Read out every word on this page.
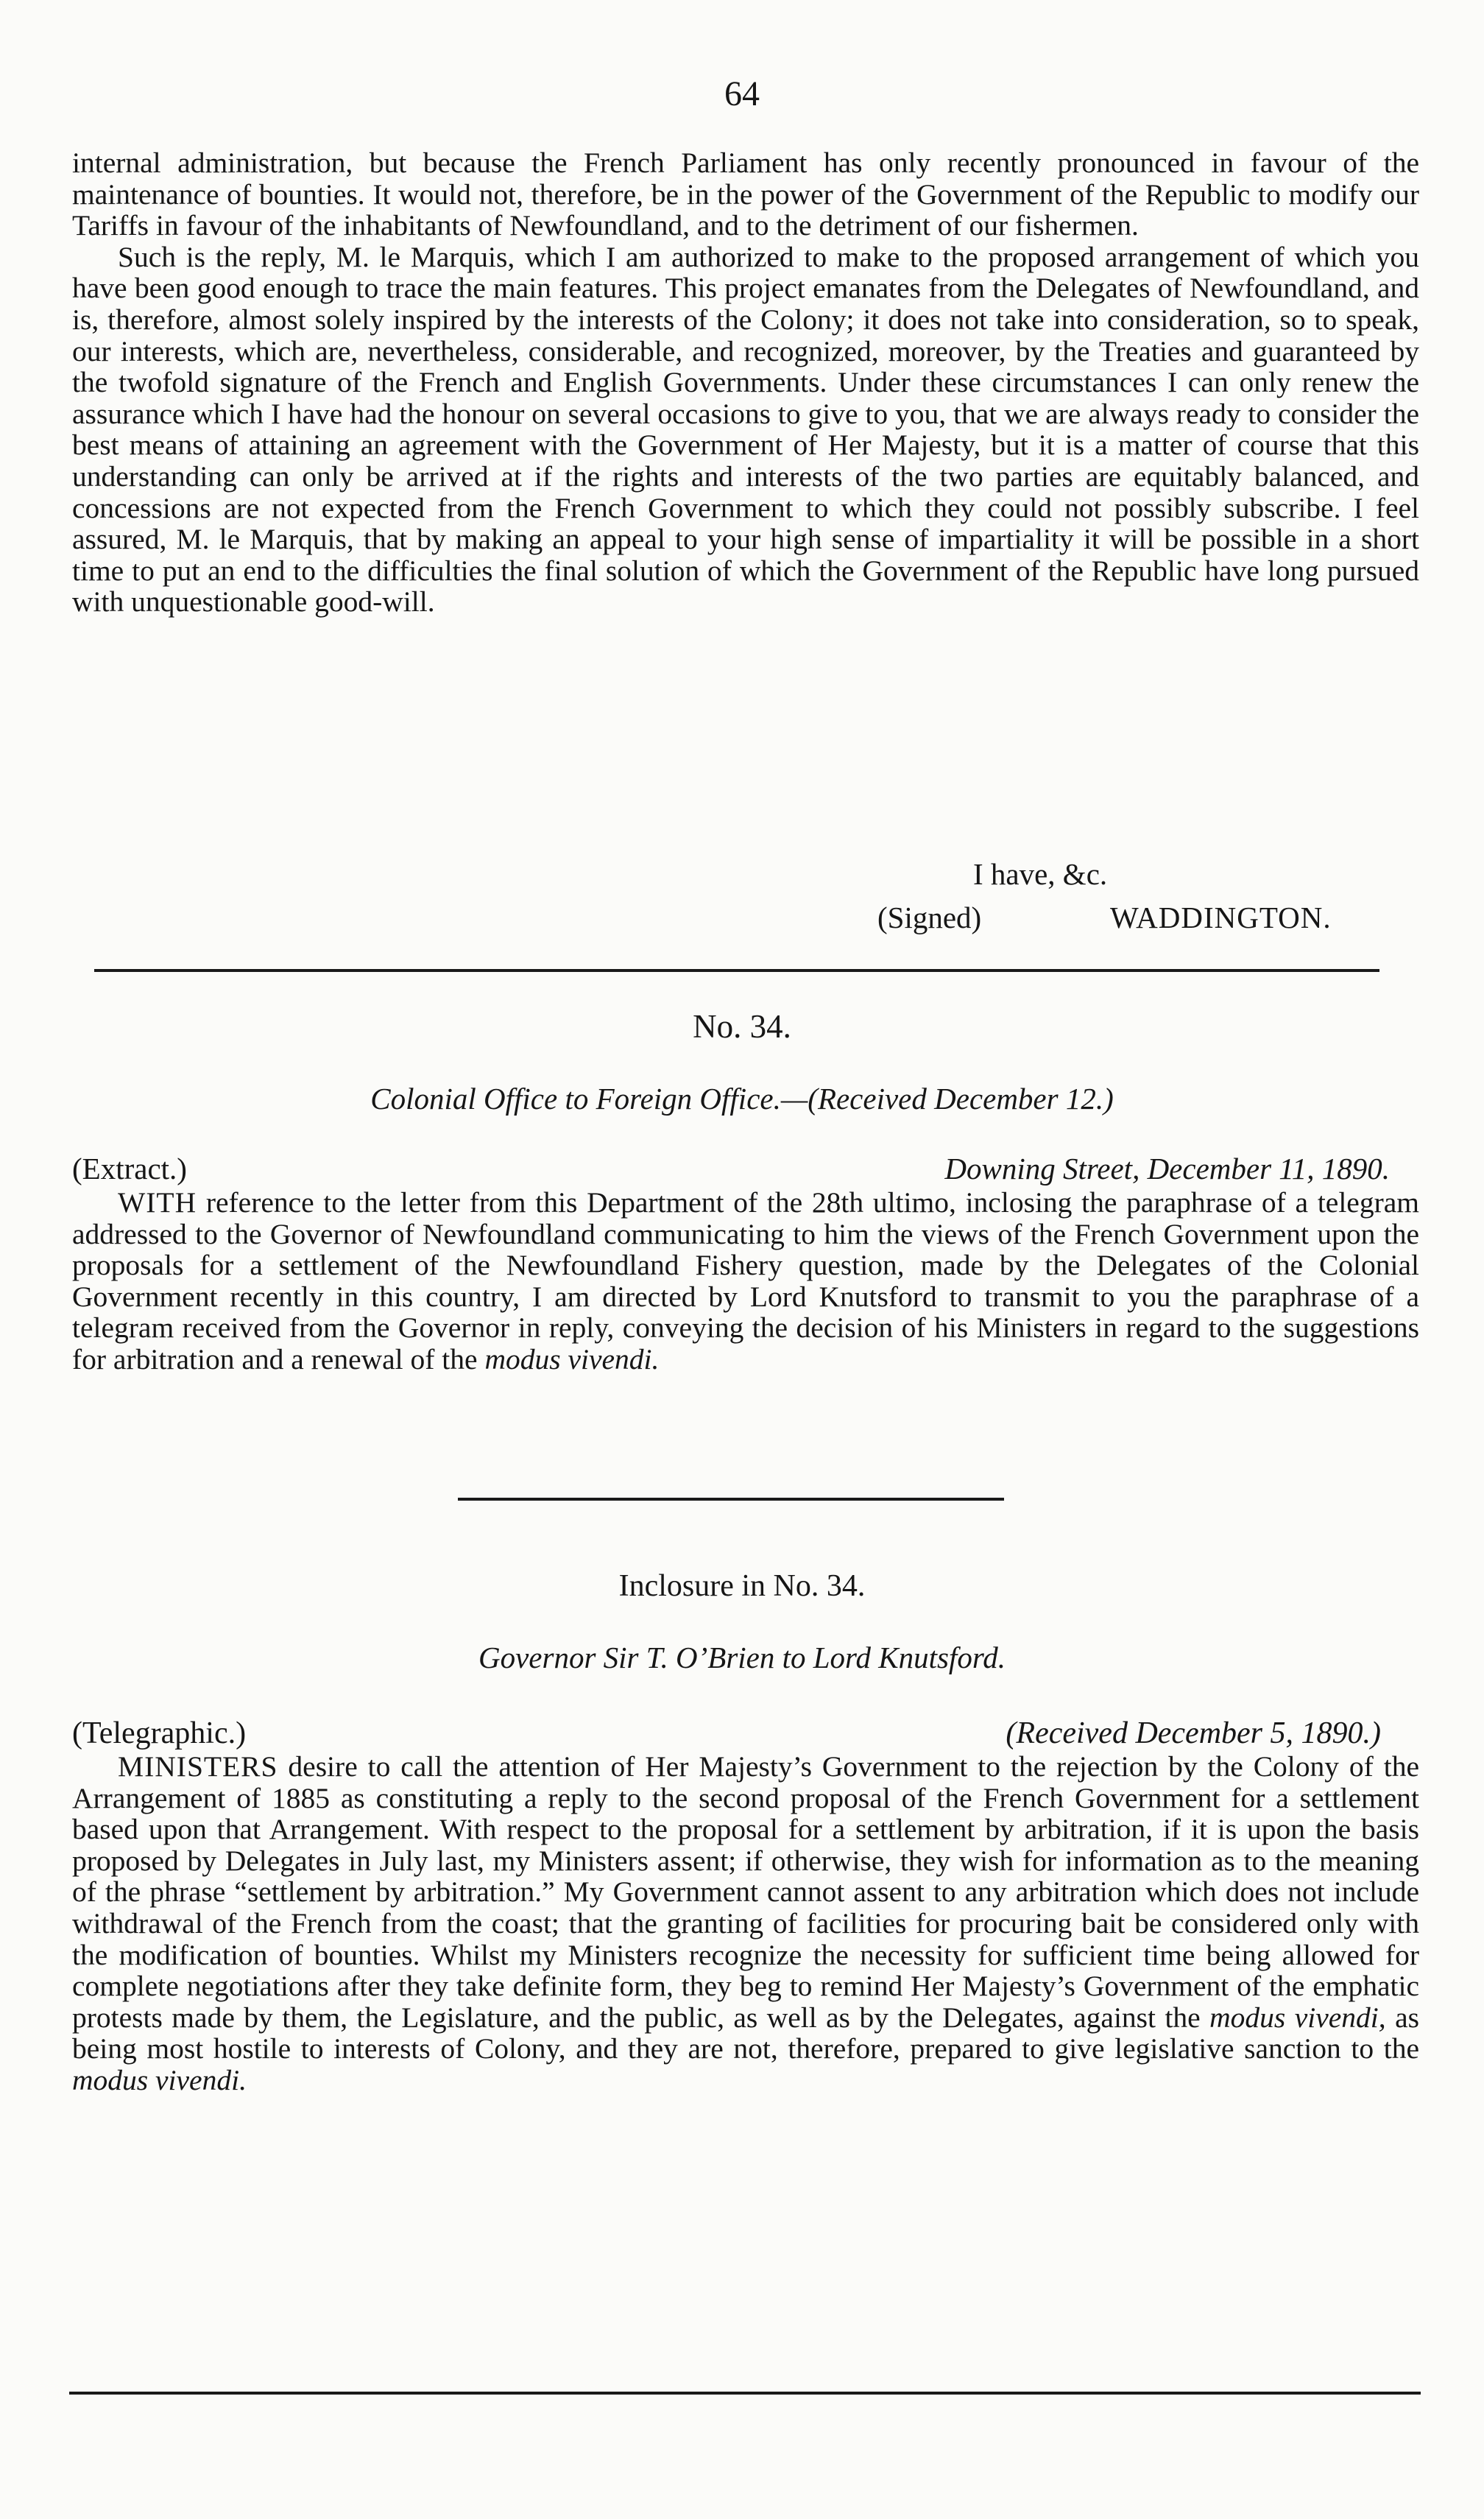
64

internal administration, but because the French Parliament has only recently pronounced in favour of the maintenance of bounties. It would not, therefore, be in the power of the Government of the Republic to modify our Tariffs in favour of the inhabitants of Newfoundland, and to the detriment of our fishermen.

Such is the reply, M. le Marquis, which I am authorized to make to the proposed arrangement of which you have been good enough to trace the main features. This project emanates from the Delegates of Newfoundland, and is, therefore, almost solely inspired by the interests of the Colony; it does not take into consideration, so to speak, our interests, which are, nevertheless, considerable, and recognized, moreover, by the Treaties and guaranteed by the twofold signature of the French and English Governments. Under these circumstances I can only renew the assurance which I have had the honour on several occasions to give to you, that we are always ready to consider the best means of attaining an agreement with the Government of Her Majesty, but it is a matter of course that this understanding can only be arrived at if the rights and interests of the two parties are equitably balanced, and concessions are not expected from the French Government to which they could not possibly subscribe. I feel assured, M. le Marquis, that by making an appeal to your high sense of impartiality it will be possible in a short time to put an end to the difficulties the final solution of which the Government of the Republic have long pursued with unquestionable good-will.

I have, &c.
(Signed)	WADDINGTON.
No. 34.
Colonial Office to Foreign Office.—(Received December 12.)
(Extract.)	Downing Street, December 11, 1890.

WITH reference to the letter from this Department of the 28th ultimo, inclosing the paraphrase of a telegram addressed to the Governor of Newfoundland communicating to him the views of the French Government upon the proposals for a settlement of the Newfoundland Fishery question, made by the Delegates of the Colonial Government recently in this country, I am directed by Lord Knutsford to transmit to you the paraphrase of a telegram received from the Governor in reply, conveying the decision of his Ministers in regard to the suggestions for arbitration and a renewal of the modus vivendi.

Inclosure in No. 34.
Governor Sir T. O’Brien to Lord Knutsford.
(Telegraphic.)	(Received December 5, 1890.)

MINISTERS desire to call the attention of Her Majesty’s Government to the rejection by the Colony of the Arrangement of 1885 as constituting a reply to the second proposal of the French Government for a settlement based upon that Arrangement. With respect to the proposal for a settlement by arbitration, if it is upon the basis proposed by Delegates in July last, my Ministers assent; if otherwise, they wish for information as to the meaning of the phrase “settlement by arbitration.” My Government cannot assent to any arbitration which does not include withdrawal of the French from the coast; that the granting of facilities for procuring bait be considered only with the modification of bounties. Whilst my Ministers recognize the necessity for sufficient time being allowed for complete negotiations after they take definite form, they beg to remind Her Majesty’s Government of the emphatic protests made by them, the Legislature, and the public, as well as by the Delegates, against the modus vivendi, as being most hostile to interests of Colony, and they are not, therefore, prepared to give legislative sanction to the modus vivendi.
